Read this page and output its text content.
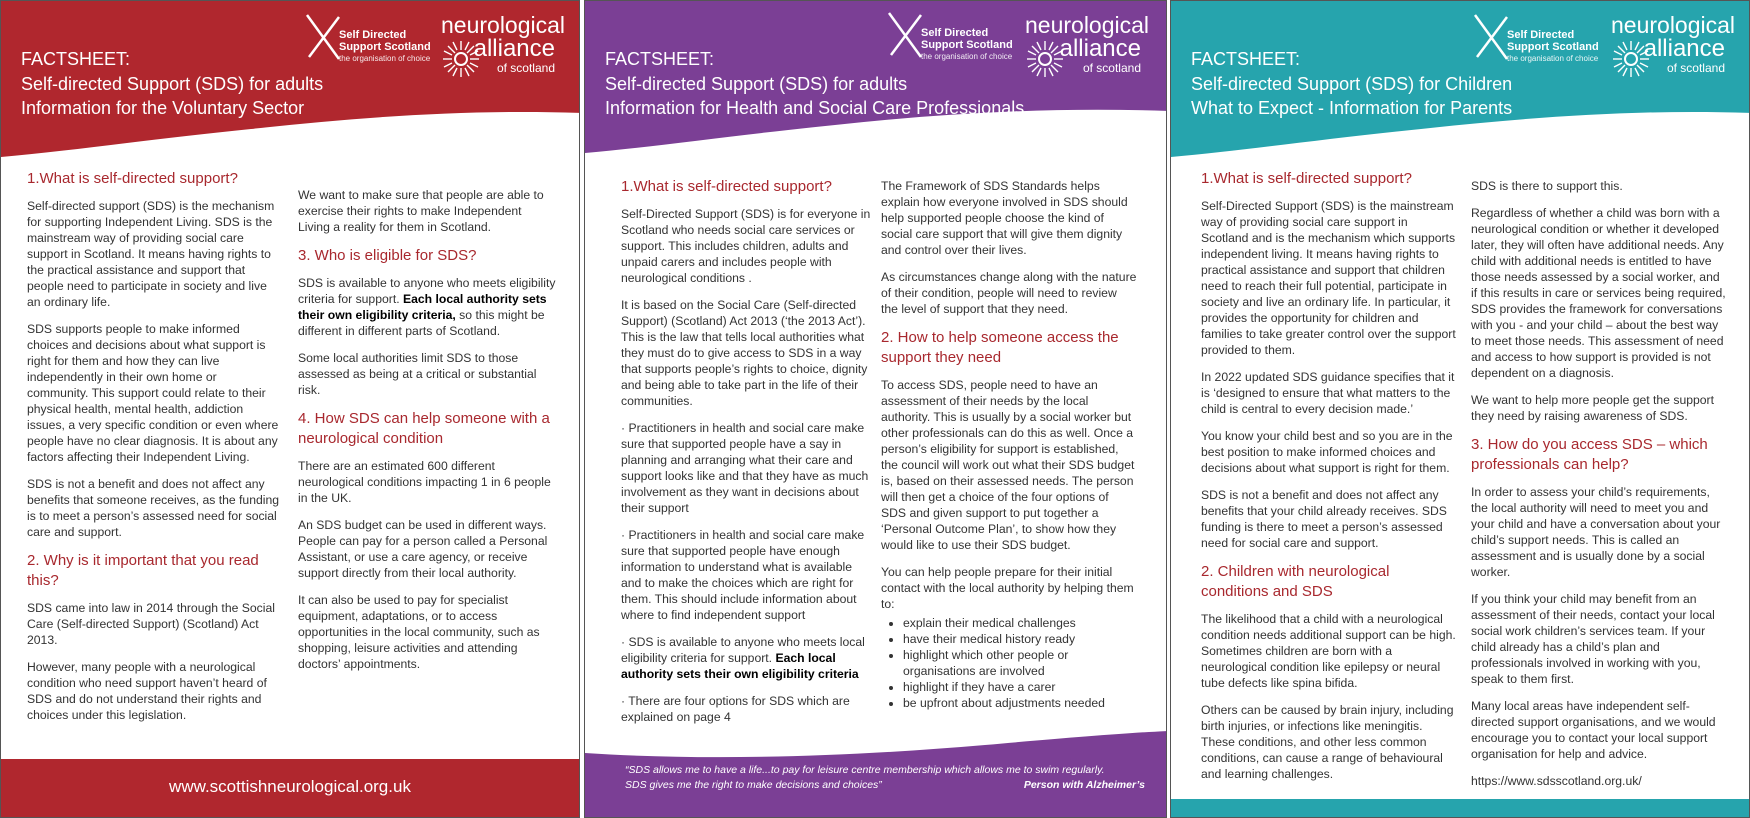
FACTSHEET:
Self-directed Support (SDS) for adults
Information for the Voluntary Sector
Self Directed
Support Scotland
the organisation of choice
neurological
alliance
of scotland
1.What is self-directed support?

Self-directed support (SDS) is the mechanism for supporting Independent Living. SDS is the mainstream way of providing social care support in Scotland. It means having rights to the practical assistance and support that people need to participate in society and live an ordinary life.

SDS supports people to make informed choices and decisions about what support is right for them and how they can live independently in their own home or community. This support could relate to their physical health, mental health, addiction issues, a very specific condition or even where people have no clear diagnosis. It is about any factors affecting their Independent Living.

SDS is not a benefit and does not affect any benefits that someone receives, as the funding is to meet a person’s assessed need for social care and support.

2. Why is it important that you read this?

SDS came into law in 2014 through the Social Care (Self-directed Support) (Scotland) Act 2013.

However, many people with a neurological condition who need support haven’t heard of SDS and do not understand their rights and choices under this legislation.

We want to make sure that people are able to exercise their rights to make Independent Living a reality for them in Scotland.

3. Who is eligible for SDS?

SDS is available to anyone who meets eligibility criteria for support. Each local authority sets their own eligibility criteria, so this might be different in different parts of Scotland.

Some local authorities limit SDS to those assessed as being at a critical or substantial risk.

4. How SDS can help someone with a neurological condition

There are an estimated 600 different neurological conditions impacting 1 in 6 people in the UK.

An SDS budget can be used in different ways. People can pay for a person called a Personal Assistant, or use a care agency, or receive support directly from their local authority.

It can also be used to pay for specialist equipment, adaptations, or to access opportunities in the local community, such as shopping, leisure activities and attending doctors’ appointments.

www.scottishneurological.org.uk
FACTSHEET:
Self-directed Support (SDS) for adults
Information for Health and Social Care Professionals
Self Directed
Support Scotland
the organisation of choice
neurological
alliance
of scotland
1.What is self-directed support?

Self-Directed Support (SDS) is for everyone in Scotland who needs social care services or support. This includes children, adults and unpaid carers and includes people with neurological conditions .

It is based on the Social Care (Self-directed Support) (Scotland) Act 2013 (‘the 2013 Act’). This is the law that tells local authorities what they must do to give access to SDS in a way that supports people’s rights to choice, dignity and being able to take part in the life of their communities.

· Practitioners in health and social care make sure that supported people have a say in planning and arranging what their care and support looks like and that they have as much involvement as they want in decisions about their support

· Practitioners in health and social care make sure that supported people have enough information to understand what is available and to make the choices which are right for them. This should include information about where to find independent support

· SDS is available to anyone who meets local eligibility criteria for support. Each local authority sets their own eligibility criteria

· There are four options for SDS which are explained on page 4

The Framework of SDS Standards helps explain how everyone involved in SDS should help supported people choose the kind of social care support that will give them dignity and control over their lives.

As circumstances change along with the nature of their condition, people will need to review the level of support that they need.

2. How to help someone access the support they need

To access SDS, people need to have an assessment of their needs by the local authority. This is usually by a social worker but other professionals can do this as well. Once a person’s eligibility for support is established, the council will work out what their SDS budget is, based on their assessed needs. The person will then get a choice of the four options of SDS and given support to put together a ‘Personal Outcome Plan’, to show how they would like to use their SDS budget.

You can help people prepare for their initial contact with the local authority by helping them to:

• explain their medical challenges
• have their medical history ready
• highlight which other people or organisations are involved
• highlight if they have a carer
• be upfront about adjustments needed
“SDS allows me to have a life...to pay for leisure centre membership which allows me to swim regularly.
SDS gives me the right to make decisions and choices”	Person with Alzheimer’s
FACTSHEET:
Self-directed Support (SDS) for Children
What to Expect - Information for Parents
Self Directed
Support Scotland
the organisation of choice
neurological
alliance
of scotland
1.What is self-directed support?

Self-Directed Support (SDS) is the mainstream way of providing social care support in Scotland and is the mechanism which supports independent living. It means having rights to practical assistance and support that children need to reach their full potential, participate in society and live an ordinary life. In particular, it provides the opportunity for children and families to take greater control over the support provided to them.

In 2022 updated SDS guidance specifies that it is ‘designed to ensure that what matters to the child is central to every decision made.’

You know your child best and so you are in the best position to make informed choices and decisions about what support is right for them.

SDS is not a benefit and does not affect any benefits that your child already receives. SDS funding is there to meet a person’s assessed need for social care and support.

2. Children with neurological conditions and SDS

The likelihood that a child with a neurological condition needs additional support can be high. Sometimes children are born with a neurological condition like epilepsy or neural tube defects like spina bifida.

Others can be caused by brain injury, including birth injuries, or infections like meningitis. These conditions, and other less common conditions, can cause a range of behavioural and learning challenges.

SDS is there to support this.

Regardless of whether a child was born with a neurological condition or whether it developed later, they will often have additional needs. Any child with additional needs is entitled to have those needs assessed by a social worker, and if this results in care or services being required, SDS provides the framework for conversations with you - and your child – about the best way to meet those needs. This assessment of need and access to how support is provided is not dependent on a diagnosis.

We want to help more people get the support they need by raising awareness of SDS.

3. How do you access SDS – which professionals can help?

In order to assess your child’s requirements, the local authority will need to meet you and your child and have a conversation about your child’s support needs. This is called an assessment and is usually done by a social worker.

If you think your child may benefit from an assessment of their needs, contact your local social work children’s services team. If your child already has a child’s plan and professionals involved in working with you, speak to them first.

Many local areas have independent self-directed support organisations, and we would encourage you to contact your local support organisation for help and advice.

https://www.sdsscotland.org.uk/
